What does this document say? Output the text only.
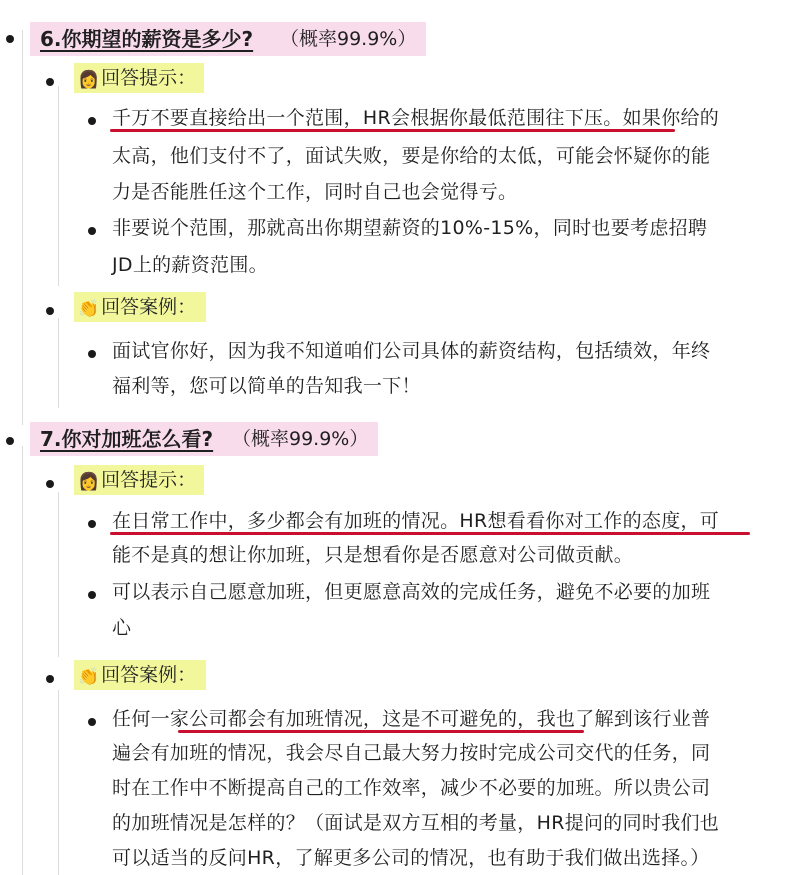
6.你期望的薪资是多少? （概率99.9%）
👩 回答提示：
千万不要直接给出一个范围，HR会根据你最低范围往下压。如果你给的
太高，他们支付不了，面试失败，要是你给的太低，可能会怀疑你的能
力是否能胜任这个工作，同时自己也会觉得亏。
非要说个范围，那就高出你期望薪资的10%-15%，同时也要考虑招聘
JD上的薪资范围。
👏 回答案例：
面试官你好，因为我不知道咱们公司具体的薪资结构，包括绩效，年终
福利等，您可以简单的告知我一下！
7.你对加班怎么看? （概率99.9%）
👩 回答提示：
在日常工作中，多少都会有加班的情况。HR想看看你对工作的态度，可
能不是真的想让你加班，只是想看你是否愿意对公司做贡献。
可以表示自己愿意加班，但更愿意高效的完成任务，避免不必要的加班
心
👏 回答案例：
任何一家公司都会有加班情况，这是不可避免的，我也了解到该行业普
遍会有加班的情况，我会尽自己最大努力按时完成公司交代的任务，同
时在工作中不断提高自己的工作效率，减少不必要的加班。所以贵公司
的加班情况是怎样的？（面试是双方互相的考量，HR提问的同时我们也
可以适当的反问HR，了解更多公司的情况，也有助于我们做出选择。）
